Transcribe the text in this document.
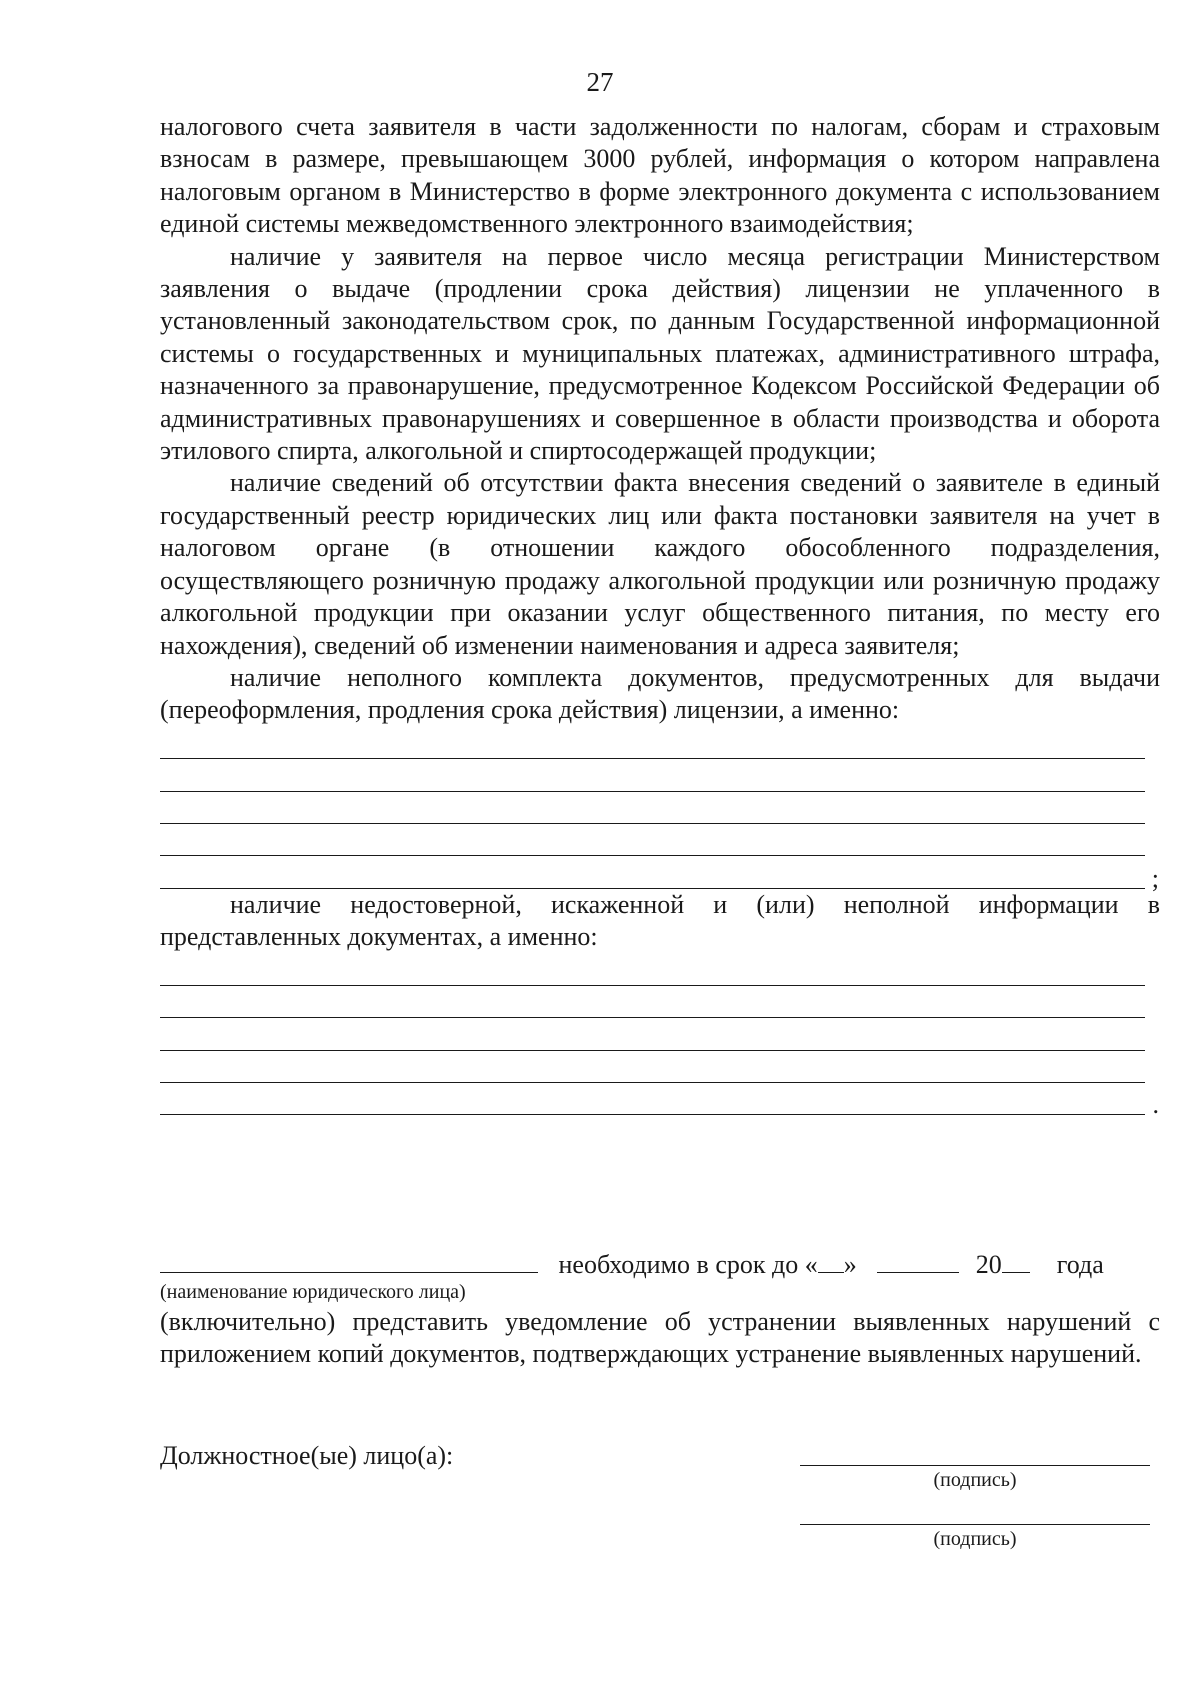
27

налогового счета заявителя в части задолженности по налогам, сборам и страховым взносам в размере, превышающем 3000 рублей, информация о котором направлена налоговым органом в Министерство в форме электронного документа с использованием единой системы межведомственного электронного взаимодействия;

наличие у заявителя на первое число месяца регистрации Министерством заявления о выдаче (продлении срока действия) лицензии не уплаченного в установленный законодательством срок, по данным Государственной информационной системы о государственных и муниципальных платежах, административного штрафа, назначенного за правонарушение, предусмотренное Кодексом Российской Федерации об административных правонарушениях и совершенное в области производства и оборота этилового спирта, алкогольной и спиртосодержащей продукции;

наличие сведений об отсутствии факта внесения сведений о заявителе в единый государственный реестр юридических лиц или факта постановки заявителя на учет в налоговом органе (в отношении каждого обособленного подразделения, осуществляющего розничную продажу алкогольной продукции или розничную продажу алкогольной продукции при оказании услуг общественного питания, по месту его нахождения), сведений об изменении наименования и адреса заявителя;

наличие неполного комплекта документов, предусмотренных для выдачи (переоформления, продления срока действия) лицензии, а именно:

;

наличие недостоверной, искаженной и (или) неполной информации в представленных документах, а именно:

.
необходимо в срок до « »	20 года
(наименование юридического лица)

(включительно) представить уведомление об устранении выявленных нарушений с приложением копий документов, подтверждающих устранение выявленных нарушений.

Должностное(ые) лицо(а):
(подпись)
(подпись)
